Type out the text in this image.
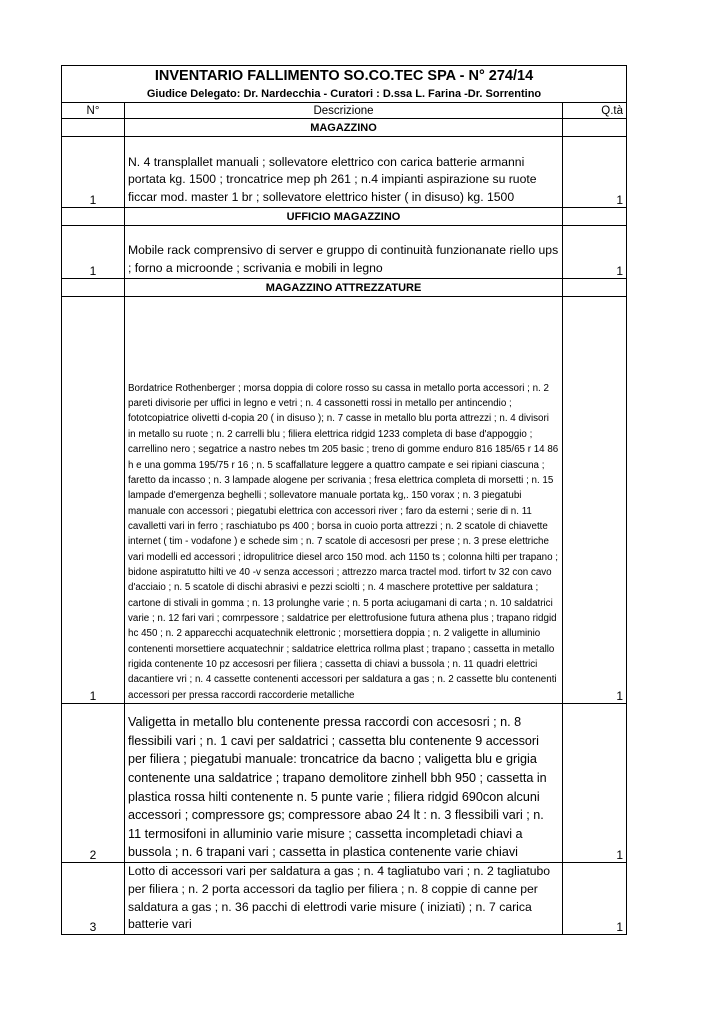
INVENTARIO FALLIMENTO SO.CO.TEC SPA - N° 274/14		
Giudice Delegato: Dr. Nardecchia - Curatori : D.ssa L. Farina -Dr. Sorrentino		
N°	Descrizione	Q.tà
	MAGAZZINO	
1	N. 4 transplallet manuali ; sollevatore elettrico con carica batterie armanni portata kg. 1500 ; troncatrice mep ph 261 ; n.4 impianti aspirazione su ruote ficcar mod. master 1 br ; sollevatore elettrico hister ( in disuso) kg. 1500	1
	UFFICIO MAGAZZINO	
1	Mobile rack comprensivo di server e gruppo di continuità funzionanate riello ups ; forno a microonde ; scrivania e mobili in legno	1
	MAGAZZINO ATTREZZATURE	
1	Bordatrice Rothenberger ; morsa doppia di colore rosso su cassa in metallo porta accessori ; n. 2 pareti divisorie per uffici in legno e vetri ; n. 4 cassonetti rossi in metallo per antincendio ; fototcopiatrice olivetti d-copia 20 ( in disuso ); n. 7 casse in metallo blu porta attrezzi ; n. 4 divisori in metallo su ruote ; n. 2 carrelli blu ; filiera elettrica ridgid 1233 completa di base d'appoggio ; carrellino nero ; segatrice a nastro nebes tm 205 basic ; treno di gomme enduro 816 185/65 r 14 86 h e una gomma 195/75 r 16 ; n. 5 scaffallature leggere a quattro campate e sei ripiani ciascuna ; faretto da incasso ; n. 3 lampade alogene per scrivania ; fresa elettrica completa di morsetti ; n. 15 lampade d'emergenza beghelli ; sollevatore manuale portata kg,. 150 vorax ; n. 3 piegatubi manuale con accessori ; piegatubi elettrica con accessori river ; faro da esterni ; serie di n. 11 cavalletti vari in ferro ; raschiatubo ps 400 ; borsa in cuoio porta attrezzi ; n. 2 scatole di chiavette internet ( tim - vodafone ) e schede sim ; n. 7 scatole di accesosri per prese ; n. 3 prese elettriche vari modelli ed accessori ; idropulitrice diesel arco 150 mod. ach 1150 ts ; colonna hilti per trapano ; bidone aspiratutto hilti ve 40 -v senza accessori ; attrezzo marca tractel mod. tirfort tv 32 con cavo d'acciaio ; n. 5 scatole di dischi abrasivi e pezzi sciolti ; n. 4 maschere protettive per saldatura ; cartone di stivali in gomma ; n. 13 prolunghe varie ; n. 5 porta aciugamani di carta ; n. 10 saldatrici varie ; n. 12 fari vari ; comrpessore ; saldatrice per elettrofusione futura athena plus ; trapano ridgid hc 450 ; n. 2 apparecchi acquatechnik elettronic ; morsettiera doppia ; n. 2 valigette in alluminio contenenti morsettiere acquatechnir ; saldatrice elettrica rollma plast ; trapano ; cassetta in metallo rigida contenente 10 pz accesosri per filiera ; cassetta di chiavi a bussola ; n. 11 quadri elettrici dacantiere vri ; n. 4 cassette contenenti accessori per saldatura a gas ; n. 2 cassette blu contenenti accessori per pressa raccordi raccorderie metalliche	1
2	Valigetta in metallo blu contenente pressa raccordi con accesosri ; n. 8 flessibili vari ; n. 1 cavi per saldatrici ; cassetta blu contenente 9 accessori per filiera ; piegatubi manuale: troncatrice da bacno ; valigetta blu e grigia contenente una saldatrice ; trapano demolitore zinhell bbh 950 ; cassetta in plastica rossa hilti contenente n. 5 punte varie ; filiera ridgid 690con alcuni accessori ; compressore gs; compressore abao 24 lt : n. 3 flessibili vari ; n. 11 termosifoni in alluminio varie misure ; cassetta incompletadi chiavi a bussola ; n. 6 trapani vari ; cassetta in plastica contenente varie chiavi	1
3	Lotto di accessori vari per saldatura a gas ; n. 4 tagliatubo vari ; n. 2 tagliatubo per filiera ; n. 2 porta accessori da taglio per filiera ; n. 8 coppie di canne per saldatura a gas ; n. 36 pacchi di elettrodi varie misure ( iniziati) ; n. 7 carica batterie vari	1
